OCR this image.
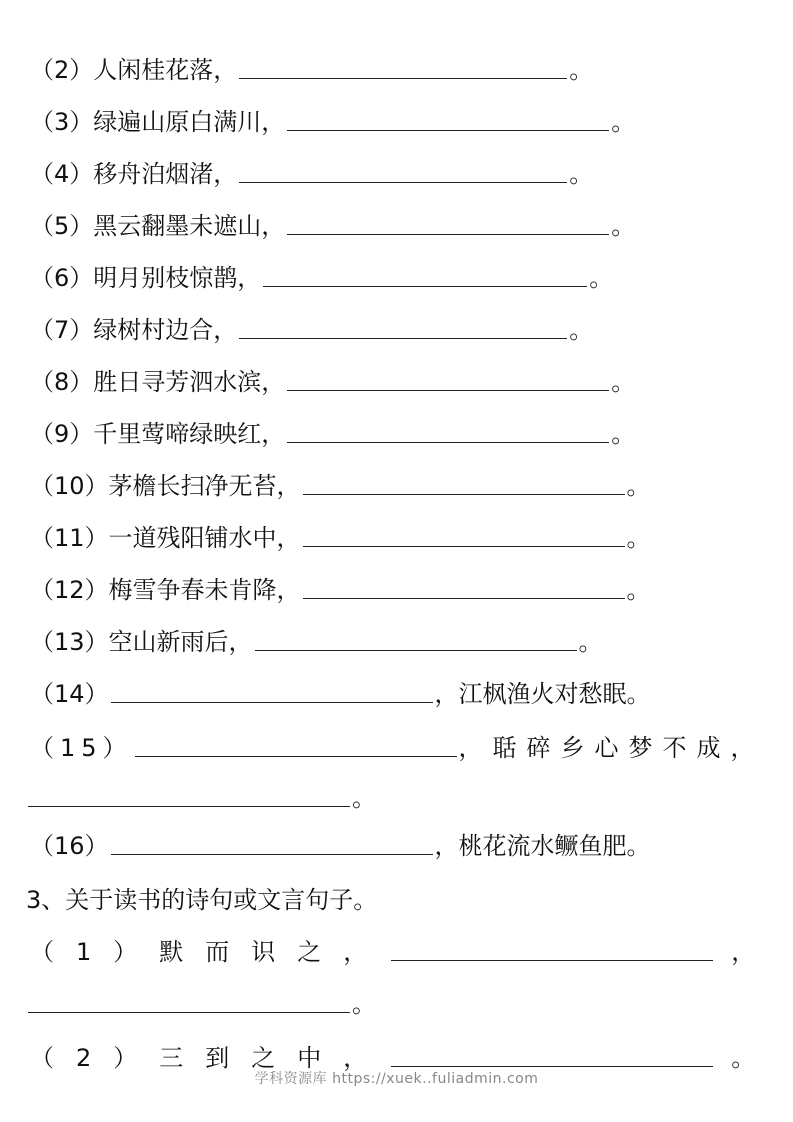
（2） 人闲桂花落，	。
（3） 绿遍山原白满川，	。
（4） 移舟泊烟渚，	。
（5） 黑云翻墨未遮山，	。
（6） 明月别枝惊鹊，	。
（7） 绿树村边合，	。
（8） 胜日寻芳泗水滨，	。
（9） 千里莺啼绿映红，	。
（10） 茅檐长扫净无苔，	。
（11） 一道残阳铺水中，	。
（12） 梅雪争春未肯降，	。
（13） 空山新雨后，	。
（14）	，江枫渔火对愁眠。
（15）	，聒碎乡心梦不成，
。
（16）	，桃花流水鳜鱼肥。
3、关于读书的诗句或文言句子。
（1） 默而识之，	，
。
（2） 三到之中，	。
学科资源库 https://xuek..fuliadmin.com
